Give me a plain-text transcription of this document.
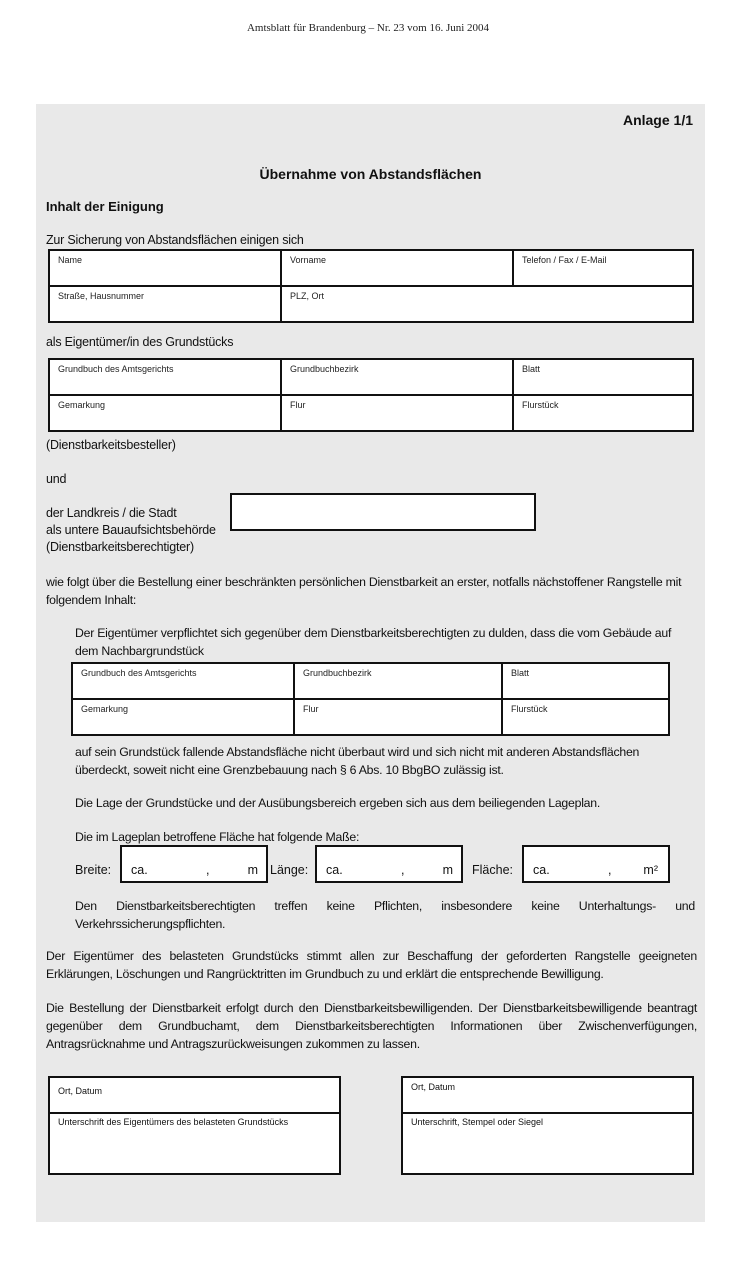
Amtsblatt für Brandenburg – Nr. 23 vom 16. Juni 2004
Anlage 1/1
Übernahme von Abstandsflächen
Inhalt der Einigung
Zur Sicherung von Abstandsflächen einigen sich
Name	Vorname	Telefon / Fax / E-Mail
Straße, Hausnummer	PLZ, Ort	
als Eigentümer/in des Grundstücks
Grundbuch des Amtsgerichts	Grundbuchbezirk	Blatt
Gemarkung	Flur	Flurstück
(Dienstbarkeitsbesteller)
und
der Landkreis / die Stadt
als untere Bauaufsichtsbehörde
(Dienstbarkeitsberechtigter)
wie folgt über die Bestellung einer beschränkten persönlichen Dienstbarkeit an erster, notfalls nächstoffener Rangstelle mit folgendem Inhalt:
Der Eigentümer verpflichtet sich gegenüber dem Dienstbarkeitsberechtigten zu dulden, dass die vom Gebäude auf dem Nachbargrundstück
Grundbuch des Amtsgerichts	Grundbuchbezirk	Blatt
Gemarkung	Flur	Flurstück
auf sein Grundstück fallende Abstandsfläche nicht überbaut wird und sich nicht mit anderen Abstandsflächen überdeckt, soweit nicht eine Grenzbebauung nach § 6 Abs. 10 BbgBO zulässig ist.
Die Lage der Grundstücke und der Ausübungsbereich ergeben sich aus dem beiliegenden Lageplan.
Die im Lageplan betroffene Fläche hat folgende Maße:
Breite: ca.	,	m Länge: ca.	,	m Fläche: ca.	,	m²
Den Dienstbarkeitsberechtigten treffen keine Pflichten, insbesondere keine Unterhaltungs- und Verkehrssicherungspflichten.
Der Eigentümer des belasteten Grundstücks stimmt allen zur Beschaffung der geforderten Rangstelle geeigneten Erklärungen, Löschungen und Rangrücktritten im Grundbuch zu und erklärt die entsprechende Bewilligung.
Die Bestellung der Dienstbarkeit erfolgt durch den Dienstbarkeitsbewilligenden. Der Dienstbarkeitsbewilligende beantragt gegenüber dem Grundbuchamt, dem Dienstbarkeitsberechtigten Informationen über Zwischenverfügungen, Antragsrücknahme und Antragszurückweisungen zukommen zu lassen.
Ort, Datum
Unterschrift des Eigentümers des belasteten Grundstücks
Ort, Datum
Unterschrift, Stempel oder Siegel
